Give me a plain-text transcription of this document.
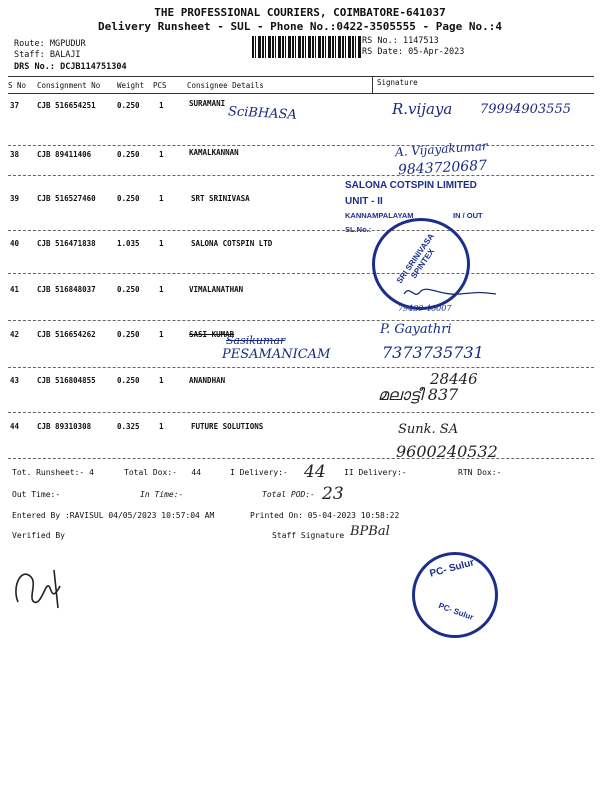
THE PROFESSIONAL COURIERS, COIMBATORE-641037
Delivery Runsheet - SUL - Phone No.:0422-3505555 - Page No.:4
Route: MGPUDUR
Staff: BALAJI
DRS No.: DCJB114751304
RS No.: 1147513
RS Date: 05-Apr-2023
S No Consignment No Weight PCS	Consignee Details	Signature
37 CJB 516654251	0.250	1	SURAMANI
38 CJB 89411406	0.250	1	KAMALKANNAN
39 CJB 516527460	0.250	1	SRT SRINIVASA
40 CJB 516471838	1.035	1	SALONA COTSPIN LTD
41 CJB 516848037	0.250	1	VIMALANATHAN
42 CJB 516654262	0.250	1	SASI KUMAR
43 CJB 516804855	0.250	1	ANANDHAN
44 CJB 89310308	0.325	1	FUTURE SOLUTIONS
SciBHASA	R.vijaya 79994903555
A. Vijayakumar
9843720687
79439 40007
Sasikumar
PESAMANICAM
P. Gayathri
7373735731
28446
മലാട്ടീ 837
Sunk. SA
9600240532
SALONA COTSPIN LIMITED
UNIT - II
KANNAMPALAYAM	IN / OUT
SL.No.:
SRI SRINIVASA SPINTEX
Tot. Runsheet:- 4	Total Dox:-   44	I Delivery:- 44 II Delivery:-	RTN Dox:-
Out Time:-	In Time:-	Total POD:- 23
Entered By :RAVISUL 04/05/2023 10:57:04 AM	Printed On: 05-04-2023 10:58:22
Verified By	Staff Signature BPBal
PC- Sulur
PC- Sulur
